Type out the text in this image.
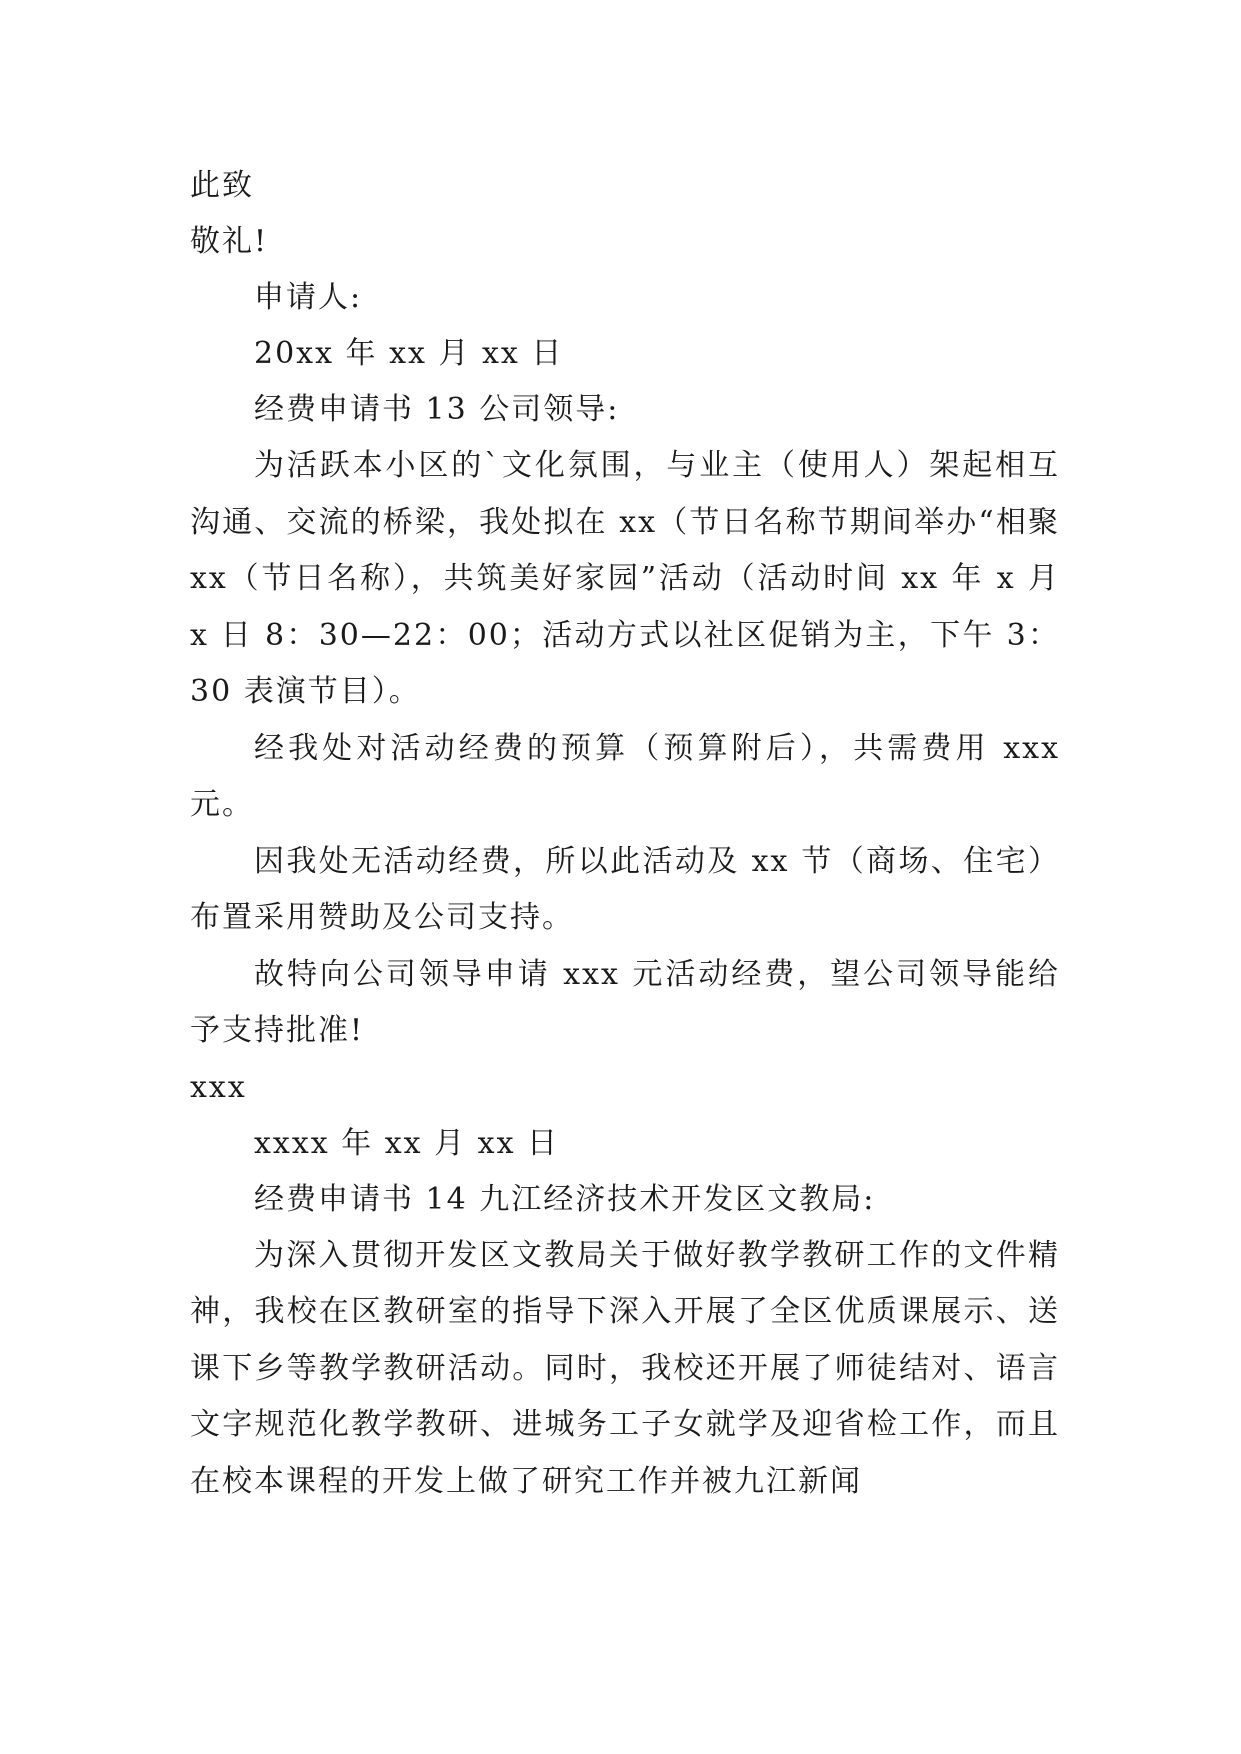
此致
敬礼!
申请人:
20xx 年 xx 月 xx 日
经费申请书 13 公司领导:

为活跃本小区的`文化氛围，与业主（使用人）架起相互沟通、交流的桥梁，我处拟在 xx（节日名称节期间举办“相聚 xx（节日名称），共筑美好家园”活动（活动时间 xx 年 x 月 x 日 8：30—22：00；活动方式以社区促销为主，下午 3：30 表演节目）。

经我处对活动经费的预算（预算附后），共需费用 xxx 元。

因我处无活动经费，所以此活动及 xx 节（商场、住宅）布置采用赞助及公司支持。

故特向公司领导申请 xxx 元活动经费，望公司领导能给予支持批准!

xxx
xxxx 年 xx 月 xx 日
经费申请书 14 九江经济技术开发区文教局:

为深入贯彻开发区文教局关于做好教学教研工作的文件精神，我校在区教研室的指导下深入开展了全区优质课展示、送课下乡等教学教研活动。同时，我校还开展了师徒结对、语言文字规范化教学教研、进城务工子女就学及迎省检工作，而且在校本课程的开发上做了研究工作并被九江新闻
